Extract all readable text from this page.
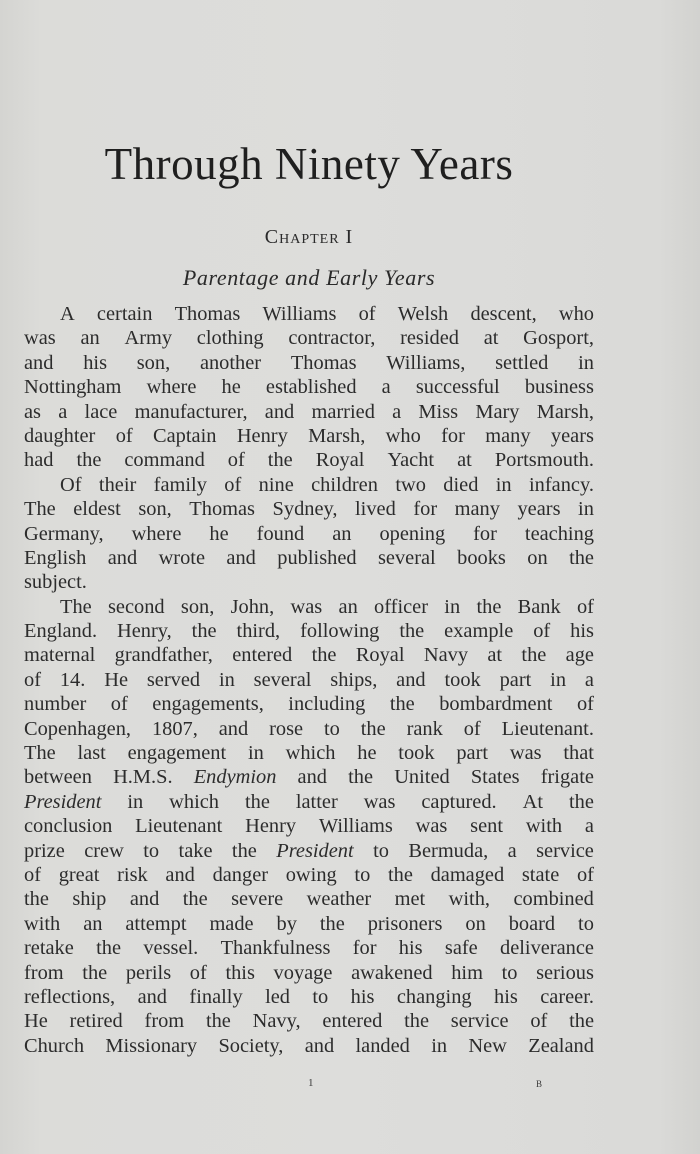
Through Ninety Years
Chapter I
Parentage and Early Years
A certain Thomas Williams of Welsh descent, who
was an Army clothing contractor, resided at Gosport,
and his son, another Thomas Williams, settled in
Nottingham where he established a successful business
as a lace manufacturer, and married a Miss Mary Marsh,
daughter of Captain Henry Marsh, who for many years
had the command of the Royal Yacht at Portsmouth.
Of their family of nine children two died in infancy.
The eldest son, Thomas Sydney, lived for many years in
Germany, where he found an opening for teaching
English and wrote and published several books on the
subject.
The second son, John, was an officer in the Bank of
England. Henry, the third, following the example of his
maternal grandfather, entered the Royal Navy at the age
of 14. He served in several ships, and took part in a
number of engagements, including the bombardment of
Copenhagen, 1807, and rose to the rank of Lieutenant.
The last engagement in which he took part was that
between H.M.S. Endymion and the United States frigate
President in which the latter was captured. At the
conclusion Lieutenant Henry Williams was sent with a
prize crew to take the President to Bermuda, a service
of great risk and danger owing to the damaged state of
the ship and the severe weather met with, combined
with an attempt made by the prisoners on board to
retake the vessel. Thankfulness for his safe deliverance
from the perils of this voyage awakened him to serious
reflections, and finally led to his changing his career.
He retired from the Navy, entered the service of the
Church Missionary Society, and landed in New Zealand
1	B
